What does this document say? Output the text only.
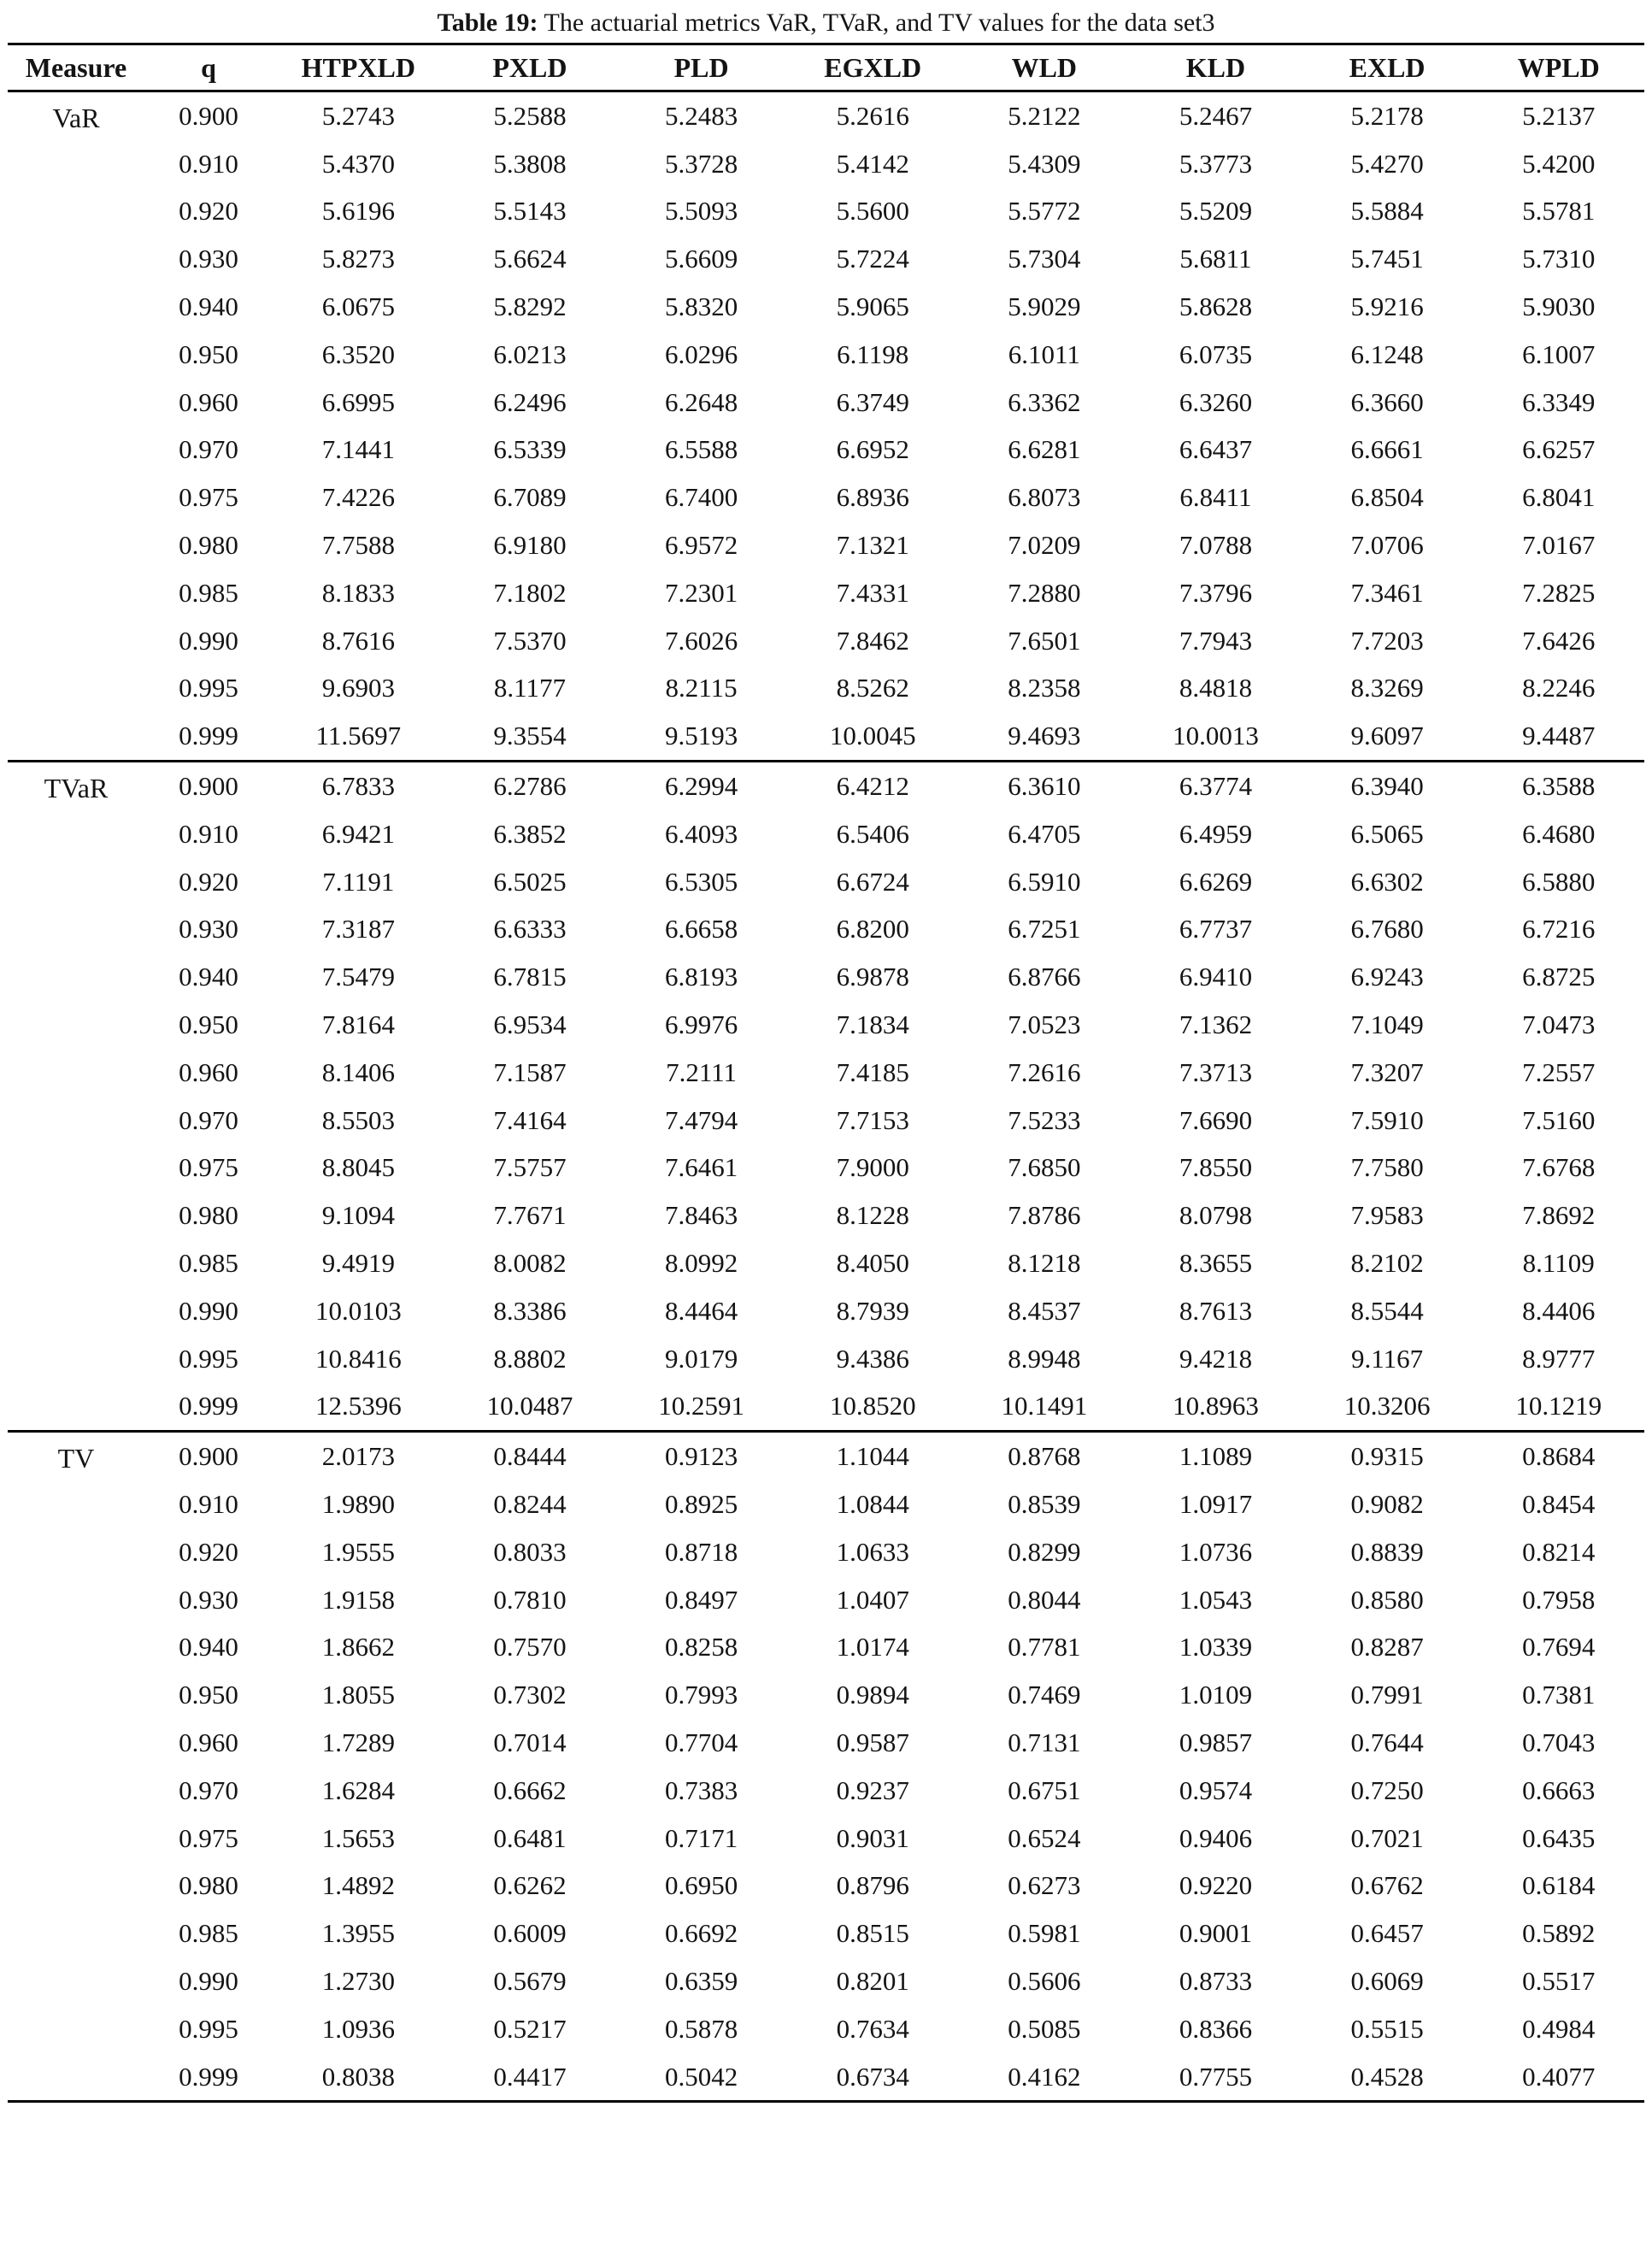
Table 19: The actuarial metrics VaR, TVaR, and TV values for the data set3
Measure	q	HTPXLD	PXLD	PLD	EGXLD	WLD	KLD	EXLD	WPLD
VaR	0.900	5.2743	5.2588	5.2483	5.2616	5.2122	5.2467	5.2178	5.2137
	0.910	5.4370	5.3808	5.3728	5.4142	5.4309	5.3773	5.4270	5.4200
	0.920	5.6196	5.5143	5.5093	5.5600	5.5772	5.5209	5.5884	5.5781
	0.930	5.8273	5.6624	5.6609	5.7224	5.7304	5.6811	5.7451	5.7310
	0.940	6.0675	5.8292	5.8320	5.9065	5.9029	5.8628	5.9216	5.9030
	0.950	6.3520	6.0213	6.0296	6.1198	6.1011	6.0735	6.1248	6.1007
	0.960	6.6995	6.2496	6.2648	6.3749	6.3362	6.3260	6.3660	6.3349
	0.970	7.1441	6.5339	6.5588	6.6952	6.6281	6.6437	6.6661	6.6257
	0.975	7.4226	6.7089	6.7400	6.8936	6.8073	6.8411	6.8504	6.8041
	0.980	7.7588	6.9180	6.9572	7.1321	7.0209	7.0788	7.0706	7.0167
	0.985	8.1833	7.1802	7.2301	7.4331	7.2880	7.3796	7.3461	7.2825
	0.990	8.7616	7.5370	7.6026	7.8462	7.6501	7.7943	7.7203	7.6426
	0.995	9.6903	8.1177	8.2115	8.5262	8.2358	8.4818	8.3269	8.2246
	0.999	11.5697	9.3554	9.5193	10.0045	9.4693	10.0013	9.6097	9.4487
TVaR	0.900	6.7833	6.2786	6.2994	6.4212	6.3610	6.3774	6.3940	6.3588
	0.910	6.9421	6.3852	6.4093	6.5406	6.4705	6.4959	6.5065	6.4680
	0.920	7.1191	6.5025	6.5305	6.6724	6.5910	6.6269	6.6302	6.5880
	0.930	7.3187	6.6333	6.6658	6.8200	6.7251	6.7737	6.7680	6.7216
	0.940	7.5479	6.7815	6.8193	6.9878	6.8766	6.9410	6.9243	6.8725
	0.950	7.8164	6.9534	6.9976	7.1834	7.0523	7.1362	7.1049	7.0473
	0.960	8.1406	7.1587	7.2111	7.4185	7.2616	7.3713	7.3207	7.2557
	0.970	8.5503	7.4164	7.4794	7.7153	7.5233	7.6690	7.5910	7.5160
	0.975	8.8045	7.5757	7.6461	7.9000	7.6850	7.8550	7.7580	7.6768
	0.980	9.1094	7.7671	7.8463	8.1228	7.8786	8.0798	7.9583	7.8692
	0.985	9.4919	8.0082	8.0992	8.4050	8.1218	8.3655	8.2102	8.1109
	0.990	10.0103	8.3386	8.4464	8.7939	8.4537	8.7613	8.5544	8.4406
	0.995	10.8416	8.8802	9.0179	9.4386	8.9948	9.4218	9.1167	8.9777
	0.999	12.5396	10.0487	10.2591	10.8520	10.1491	10.8963	10.3206	10.1219
TV	0.900	2.0173	0.8444	0.9123	1.1044	0.8768	1.1089	0.9315	0.8684
	0.910	1.9890	0.8244	0.8925	1.0844	0.8539	1.0917	0.9082	0.8454
	0.920	1.9555	0.8033	0.8718	1.0633	0.8299	1.0736	0.8839	0.8214
	0.930	1.9158	0.7810	0.8497	1.0407	0.8044	1.0543	0.8580	0.7958
	0.940	1.8662	0.7570	0.8258	1.0174	0.7781	1.0339	0.8287	0.7694
	0.950	1.8055	0.7302	0.7993	0.9894	0.7469	1.0109	0.7991	0.7381
	0.960	1.7289	0.7014	0.7704	0.9587	0.7131	0.9857	0.7644	0.7043
	0.970	1.6284	0.6662	0.7383	0.9237	0.6751	0.9574	0.7250	0.6663
	0.975	1.5653	0.6481	0.7171	0.9031	0.6524	0.9406	0.7021	0.6435
	0.980	1.4892	0.6262	0.6950	0.8796	0.6273	0.9220	0.6762	0.6184
	0.985	1.3955	0.6009	0.6692	0.8515	0.5981	0.9001	0.6457	0.5892
	0.990	1.2730	0.5679	0.6359	0.8201	0.5606	0.8733	0.6069	0.5517
	0.995	1.0936	0.5217	0.5878	0.7634	0.5085	0.8366	0.5515	0.4984
	0.999	0.8038	0.4417	0.5042	0.6734	0.4162	0.7755	0.4528	0.4077
